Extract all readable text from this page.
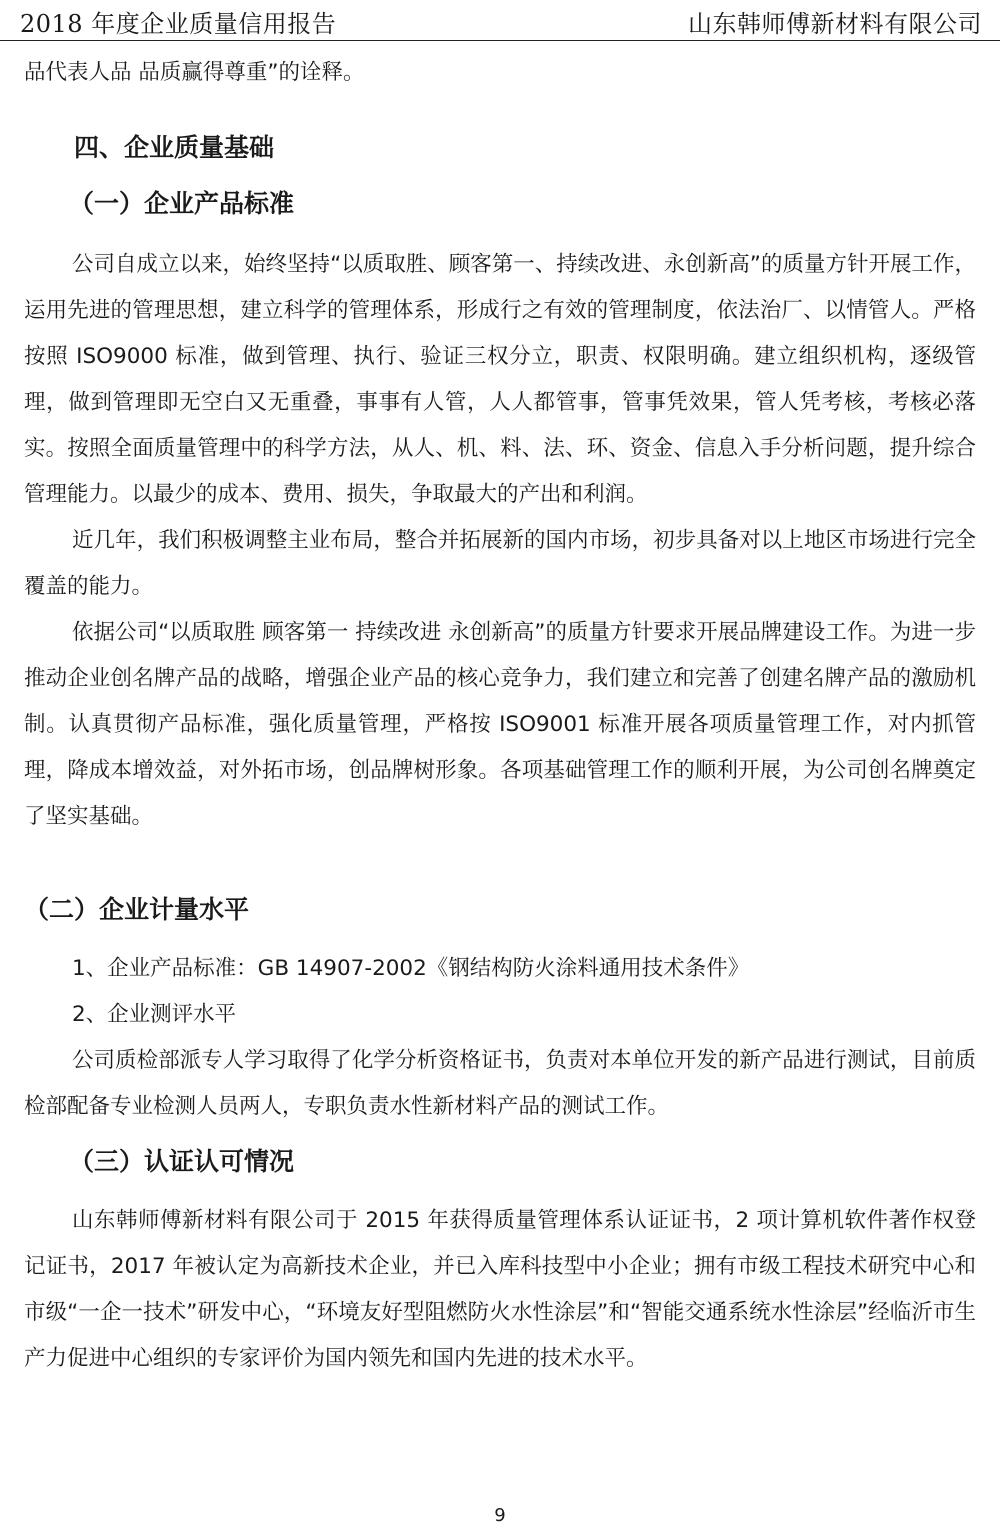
2018 年度企业质量信用报告	山东韩师傅新材料有限公司

品代表人品 品质赢得尊重”的诠释。

四、企业质量基础
（一）企业产品标准

公司自成立以来，始终坚持“以质取胜、顾客第一、持续改进、永创新高”的质量方针开展工作，运用先进的管理思想，建立科学的管理体系，形成行之有效的管理制度，依法治厂、以情管人。严格按照 ISO9000 标准，做到管理、执行、验证三权分立，职责、权限明确。建立组织机构，逐级管理，做到管理即无空白又无重叠，事事有人管，人人都管事，管事凭效果，管人凭考核，考核必落实。按照全面质量管理中的科学方法，从人、机、料、法、环、资金、信息入手分析问题，提升综合管理能力。以最少的成本、费用、损失，争取最大的产出和利润。

近几年，我们积极调整主业布局，整合并拓展新的国内市场，初步具备对以上地区市场进行完全覆盖的能力。

依据公司“以质取胜 顾客第一 持续改进 永创新高”的质量方针要求开展品牌建设工作。为进一步推动企业创名牌产品的战略，增强企业产品的核心竞争力，我们建立和完善了创建名牌产品的激励机制。认真贯彻产品标准，强化质量管理，严格按 ISO9001 标准开展各项质量管理工作，对内抓管理，降成本增效益，对外拓市场，创品牌树形象。各项基础管理工作的顺利开展，为公司创名牌奠定了坚实基础。

（二）企业计量水平

1、企业产品标准：GB 14907-2002《钢结构防火涂料通用技术条件》

2、企业测评水平

公司质检部派专人学习取得了化学分析资格证书，负责对本单位开发的新产品进行测试，目前质检部配备专业检测人员两人，专职负责水性新材料产品的测试工作。

（三）认证认可情况

山东韩师傅新材料有限公司于 2015 年获得质量管理体系认证证书，2 项计算机软件著作权登记证书，2017 年被认定为高新技术企业，并已入库科技型中小企业；拥有市级工程技术研究中心和市级“一企一技术”研发中心，“环境友好型阻燃防火水性涂层”和“智能交通系统水性涂层”经临沂市生产力促进中心组织的专家评价为国内领先和国内先进的技术水平。

9
